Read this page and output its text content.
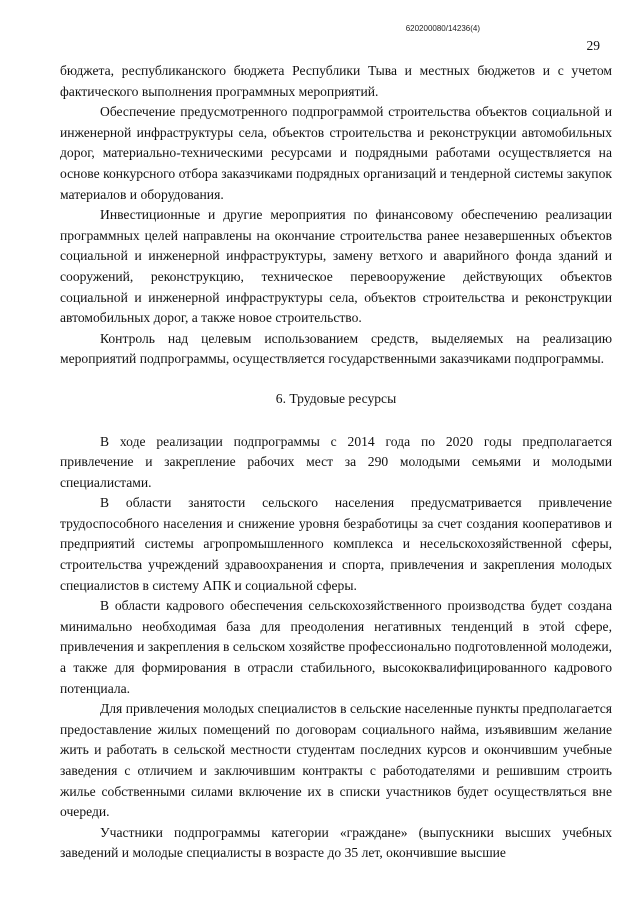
620200080/14236(4)
29

бюджета, республиканского бюджета Республики Тыва и местных бюджетов и с учетом фактического выполнения программных мероприятий.

Обеспечение предусмотренного подпрограммой строительства объектов социальной и инженерной инфраструктуры села, объектов строительства и реконструкции автомобильных дорог, материально-техническими ресурсами и подрядными работами осуществляется на основе конкурсного отбора заказчиками подрядных организаций и тендерной системы закупок материалов и оборудования.

Инвестиционные и другие мероприятия по финансовому обеспечению реализации программных целей направлены на окончание строительства ранее незавершенных объектов социальной и инженерной инфраструктуры, замену ветхого и аварийного фонда зданий и сооружений, реконструкцию, техническое перевооружение действующих объектов социальной и инженерной инфраструктуры села, объектов строительства и реконструкции автомобильных дорог, а также новое строительство.

Контроль над целевым использованием средств, выделяемых на реализацию мероприятий подпрограммы, осуществляется государственными заказчиками подпрограммы.

6. Трудовые ресурсы

В ходе реализации подпрограммы с 2014 года по 2020 годы предполагается привлечение и закрепление рабочих мест за 290 молодыми семьями и молодыми специалистами.

В области занятости сельского населения предусматривается привлечение трудоспособного населения и снижение уровня безработицы за счет создания кооперативов и предприятий системы агропромышленного комплекса и несельскохозяйственной сферы, строительства учреждений здравоохранения и спорта, привлечения и закрепления молодых специалистов в систему АПК и социальной сферы.

В области кадрового обеспечения сельскохозяйственного производства будет создана минимально необходимая база для преодоления негативных тенденций в этой сфере, привлечения и закрепления в сельском хозяйстве профессионально подготовленной молодежи, а также для формирования в отрасли стабильного, высококвалифицированного кадрового потенциала.

Для привлечения молодых специалистов в сельские населенные пункты предполагается предоставление жилых помещений по договорам социального найма, изъявившим желание жить и работать в сельской местности студентам последних курсов и окончившим учебные заведения с отличием и заключившим контракты с работодателями и решившим строить жилье собственными силами включение их в списки участников будет осуществляться вне очереди.

Участники подпрограммы категории «граждане» (выпускники высших учебных заведений и молодые специалисты в возрасте до 35 лет, окончившие высшие
